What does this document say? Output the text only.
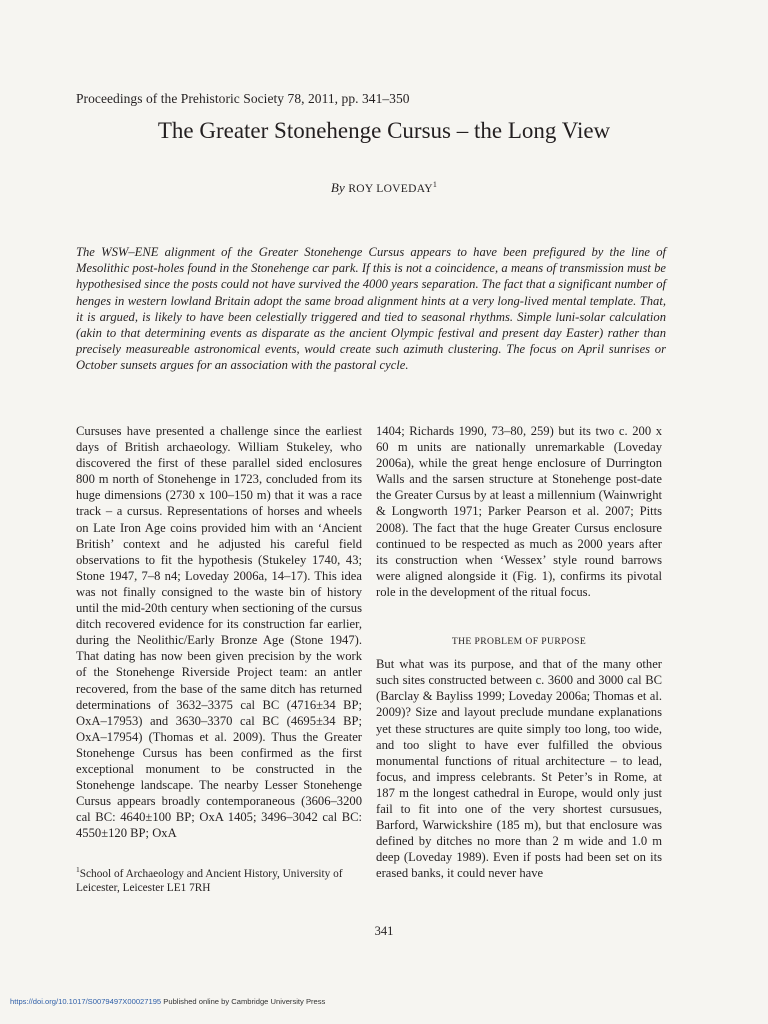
Proceedings of the Prehistoric Society 78, 2011, pp. 341–350
The Greater Stonehenge Cursus – the Long View
By ROY LOVEDAY$^1$

The WSW–ENE alignment of the Greater Stonehenge Cursus appears to have been prefigured by the line of Mesolithic post-holes found in the Stonehenge car park. If this is not a coincidence, a means of transmission must be hypothesised since the posts could not have survived the 4000 years separation. The fact that a significant number of henges in western lowland Britain adopt the same broad alignment hints at a very long-lived mental template. That, it is argued, is likely to have been celestially triggered and tied to seasonal rhythms. Simple luni-solar calculation (akin to that determining events as disparate as the ancient Olympic festival and present day Easter) rather than precisely measureable astronomical events, would create such azimuth clustering. The focus on April sunrises or October sunsets argues for an association with the pastoral cycle.

Cursuses have presented a challenge since the earliest days of British archaeology. William Stukeley, who discovered the first of these parallel sided enclosures 800 m north of Stonehenge in 1723, concluded from its huge dimensions (2730 x 100–150 m) that it was a race track – a cursus. Representations of horses and wheels on Late Iron Age coins provided him with an ‘Ancient British’ context and he adjusted his careful field observations to fit the hypothesis (Stukeley 1740, 43; Stone 1947, 7–8 n4; Loveday 2006a, 14–17). This idea was not finally consigned to the waste bin of history until the mid-20th century when sectioning of the cursus ditch recovered evidence for its construction far earlier, during the Neolithic/Early Bronze Age (Stone 1947). That dating has now been given precision by the work of the Stonehenge Riverside Project team: an antler recovered, from the base of the same ditch has returned determinations of 3632–3375 cal BC (4716±34 BP; OxA–17953) and 3630–3370 cal BC (4695±34 BP; OxA–17954) (Thomas et al. 2009). Thus the Greater Stonehenge Cursus has been confirmed as the first exceptional monument to be constructed in the Stonehenge landscape. The nearby Lesser Stonehenge Cursus appears broadly contemporaneous (3606–3200 cal BC: 4640±100 BP; OxA 1405; 3496–3042 cal BC: 4550±120 BP; OxA

1404; Richards 1990, 73–80, 259) but its two c. 200 x 60 m units are nationally unremarkable (Loveday 2006a), while the great henge enclosure of Durrington Walls and the sarsen structure at Stonehenge post-date the Greater Cursus by at least a millennium (Wainwright & Longworth 1971; Parker Pearson et al. 2007; Pitts 2008). The fact that the huge Greater Cursus enclosure continued to be respected as much as 2000 years after its construction when ‘Wessex’ style round barrows were aligned alongside it (Fig. 1), confirms its pivotal role in the development of the ritual focus.

THE PROBLEM OF PURPOSE

But what was its purpose, and that of the many other such sites constructed between c. 3600 and 3000 cal BC (Barclay & Bayliss 1999; Loveday 2006a; Thomas et al. 2009)? Size and layout preclude mundane explanations yet these structures are quite simply too long, too wide, and too slight to have ever fulfilled the obvious monumental functions of ritual architecture – to lead, focus, and impress celebrants. St Peter’s in Rome, at 187 m the longest cathedral in Europe, would only just fail to fit into one of the very shortest cursusues, Barford, Warwickshire (185 m), but that enclosure was defined by ditches no more than 2 m wide and 1.0 m deep (Loveday 1989). Even if posts had been set on its erased banks, it could never have

$^1$School of Archaeology and Ancient History, University of Leicester, Leicester LE1 7RH
341
https://doi.org/10.1017/S0079497X00027195 Published online by Cambridge University Press
